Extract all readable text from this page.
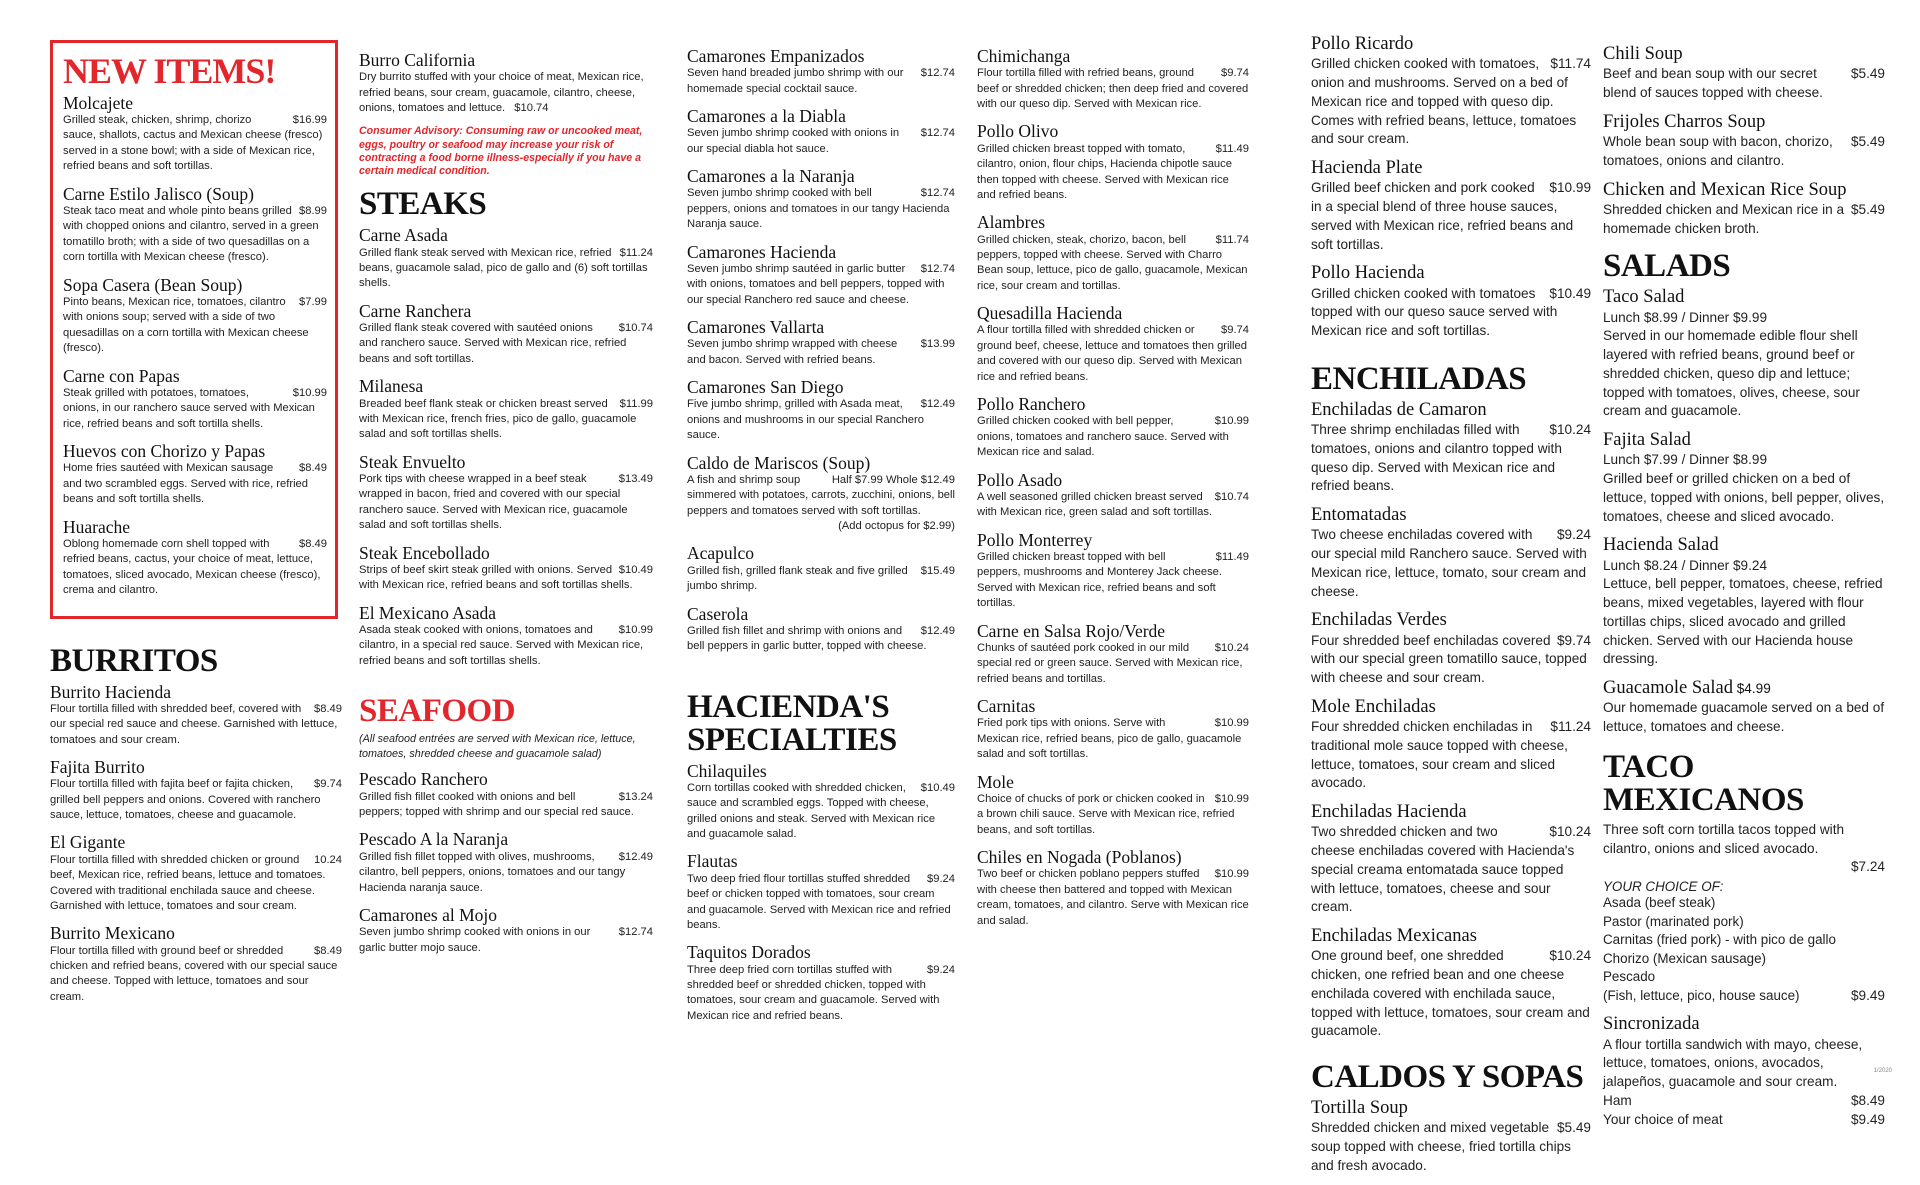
NEW ITEMS!
Molcajete
$16.99
Grilled steak, chicken, shrimp, chorizo sauce, shallots, cactus and Mexican cheese (fresco) served in a stone bowl; with a side of Mexican rice, refried beans and soft tortillas.
Carne Estilo Jalisco (Soup)
$8.99
Steak taco meat and whole pinto beans grilled with chopped onions and cilantro, served in a green tomatillo broth; with a side of two quesadillas on a corn tortilla with Mexican cheese (fresco).
Sopa Casera (Bean Soup)
$7.99
Pinto beans, Mexican rice, tomatoes, cilantro with onions soup; served with a side of two quesadillas on a corn tortilla with Mexican cheese (fresco).
Carne con Papas
$10.99
Steak grilled with potatoes, tomatoes, onions, in our ranchero sauce served with Mexican rice, refried beans and soft tortilla shells.
Huevos con Chorizo y Papas
$8.49
Home fries sautéed with Mexican sausage and two scrambled eggs. Served with rice, refried beans and soft tortilla shells.
Huarache
$8.49
Oblong homemade corn shell topped with refried beans, cactus, your choice of meat, lettuce, tomatoes, sliced avocado, Mexican cheese (fresco), crema and cilantro.
BURRITOS
Burrito Hacienda
$8.49
Flour tortilla filled with shredded beef, covered with our special red sauce and cheese. Garnished with lettuce, tomatoes and sour cream.
Fajita Burrito
$9.74
Flour tortilla filled with fajita beef or fajita chicken, grilled bell peppers and onions. Covered with ranchero sauce, lettuce, tomatoes, cheese and guacamole.
El Gigante
10.24
Flour tortilla filled with shredded chicken or ground beef, Mexican rice, refried beans, lettuce and tomatoes. Covered with traditional enchilada sauce and cheese. Garnished with lettuce, tomatoes and sour cream.
Burrito Mexicano
$8.49
Flour tortilla filled with ground beef or shredded chicken and refried beans, covered with our special sauce and cheese. Topped with lettuce, tomatoes and sour cream.
Burro California
Dry burrito stuffed with your choice of meat, Mexican rice, refried beans, sour cream, guacamole, cilantro, cheese, onions, tomatoes and lettuce. $10.74
Consumer Advisory: Consuming raw or uncooked meat, eggs, poultry or seafood may increase your risk of contracting a food borne illness-especially if you have a certain medical condition.
STEAKS
Carne Asada
$11.24
Grilled flank steak served with Mexican rice, refried beans, guacamole salad, pico de gallo and (6) soft tortillas shells.
Carne Ranchera
$10.74
Grilled flank steak covered with sautéed onions and ranchero sauce. Served with Mexican rice, refried beans and soft tortillas.
Milanesa
$11.99
Breaded beef flank steak or chicken breast served with Mexican rice, french fries, pico de gallo, guacamole salad and soft tortillas shells.
Steak Envuelto
$13.49
Pork tips with cheese wrapped in a beef steak wrapped in bacon, fried and covered with our special ranchero sauce. Served with Mexican rice, guacamole salad and soft tortillas shells.
Steak Encebollado
$10.49
Strips of beef skirt steak grilled with onions. Served with Mexican rice, refried beans and soft tortillas shells.
El Mexicano Asada
$10.99
Asada steak cooked with onions, tomatoes and cilantro, in a special red sauce. Served with Mexican rice, refried beans and soft tortillas shells.
SEAFOOD
(All seafood entrées are served with Mexican rice, lettuce, tomatoes, shredded cheese and guacamole salad)
Pescado Ranchero
$13.24
Grilled fish fillet cooked with onions and bell peppers; topped with shrimp and our special red sauce.
Pescado A la Naranja
$12.49
Grilled fish fillet topped with olives, mushrooms, cilantro, bell peppers, onions, tomatoes and our tangy Hacienda naranja sauce.
Camarones al Mojo
$12.74
Seven jumbo shrimp cooked with onions in our garlic butter mojo sauce.
Camarones Empanizados
$12.74
Seven hand breaded jumbo shrimp with our homemade special cocktail sauce.
Camarones a la Diabla
$12.74
Seven jumbo shrimp cooked with onions in our special diabla hot sauce.
Camarones a la Naranja
$12.74
Seven jumbo shrimp cooked with bell peppers, onions and tomatoes in our tangy Hacienda Naranja sauce.
Camarones Hacienda
$12.74
Seven jumbo shrimp sautéed in garlic butter with onions, tomatoes and bell peppers, topped with our special Ranchero red sauce and cheese.
Camarones Vallarta
$13.99
Seven jumbo shrimp wrapped with cheese and bacon. Served with refried beans.
Camarones San Diego
$12.49
Five jumbo shrimp, grilled with Asada meat, onions and mushrooms in our special Ranchero sauce.
Caldo de Mariscos (Soup)
Half $7.99 Whole $12.49
A fish and shrimp soup simmered with potatoes, carrots, zucchini, onions, bell peppers and tomatoes served with soft tortillas.
(Add octopus for $2.99)
Acapulco
$15.49
Grilled fish, grilled flank steak and five grilled jumbo shrimp.
Caserola
$12.49
Grilled fish fillet and shrimp with onions and bell peppers in garlic butter, topped with cheese.
HACIENDA'S
SPECIALTIES
Chilaquiles
$10.49
Corn tortillas cooked with shredded chicken, sauce and scrambled eggs. Topped with cheese, grilled onions and steak. Served with Mexican rice and guacamole salad.
Flautas
$9.24
Two deep fried flour tortillas stuffed shredded beef or chicken topped with tomatoes, sour cream and guacamole. Served with Mexican rice and refried beans.
Taquitos Dorados
$9.24
Three deep fried corn tortillas stuffed with shredded beef or shredded chicken, topped with tomatoes, sour cream and guacamole. Served with Mexican rice and refried beans.
Chimichanga
$9.74
Flour tortilla filled with refried beans, ground beef or shredded chicken; then deep fried and covered with our queso dip. Served with Mexican rice.
Pollo Olivo
$11.49
Grilled chicken breast topped with tomato, cilantro, onion, flour chips, Hacienda chipotle sauce then topped with cheese. Served with Mexican rice and refried beans.
Alambres
$11.74
Grilled chicken, steak, chorizo, bacon, bell peppers, topped with cheese. Served with Charro Bean soup, lettuce, pico de gallo, guacamole, Mexican rice, sour cream and tortillas.
Quesadilla Hacienda
$9.74
A flour tortilla filled with shredded chicken or ground beef, cheese, lettuce and tomatoes then grilled and covered with our queso dip. Served with Mexican rice and refried beans.
Pollo Ranchero
$10.99
Grilled chicken cooked with bell pepper, onions, tomatoes and ranchero sauce. Served with Mexican rice and salad.
Pollo Asado
$10.74
A well seasoned grilled chicken breast served with Mexican rice, green salad and soft tortillas.
Pollo Monterrey
$11.49
Grilled chicken breast topped with bell peppers, mushrooms and Monterey Jack cheese. Served with Mexican rice, refried beans and soft tortillas.
Carne en Salsa Rojo/Verde
$10.24
Chunks of sautéed pork cooked in our mild special red or green sauce. Served with Mexican rice, refried beans and tortillas.
Carnitas
$10.99
Fried pork tips with onions. Serve with Mexican rice, refried beans, pico de gallo, guacamole salad and soft tortillas.
Mole
$10.99
Choice of chucks of pork or chicken cooked in a brown chili sauce. Serve with Mexican rice, refried beans, and soft tortillas.
Chiles en Nogada (Poblanos)
$10.99
Two beef or chicken poblano peppers stuffed with cheese then battered and topped with Mexican cream, tomatoes, and cilantro. Serve with Mexican rice and salad.
Pollo Ricardo
$11.74
Grilled chicken cooked with tomatoes, onion and mushrooms. Served on a bed of Mexican rice and topped with queso dip. Comes with refried beans, lettuce, tomatoes and sour cream.
Hacienda Plate
$10.99
Grilled beef chicken and pork cooked in a special blend of three house sauces, served with Mexican rice, refried beans and soft tortillas.
Pollo Hacienda
$10.49
Grilled chicken cooked with tomatoes topped with our queso sauce served with Mexican rice and soft tortillas.
ENCHILADAS
Enchiladas de Camaron
$10.24
Three shrimp enchiladas filled with tomatoes, onions and cilantro topped with queso dip. Served with Mexican rice and refried beans.
Entomatadas
$9.24
Two cheese enchiladas covered with our special mild Ranchero sauce. Served with Mexican rice, lettuce, tomato, sour cream and cheese.
Enchiladas Verdes
$9.74
Four shredded beef enchiladas covered with our special green tomatillo sauce, topped with cheese and sour cream.
Mole Enchiladas
$11.24
Four shredded chicken enchiladas in traditional mole sauce topped with cheese, lettuce, tomatoes, sour cream and sliced avocado.
Enchiladas Hacienda
$10.24
Two shredded chicken and two cheese enchiladas covered with Hacienda's special creama entomatada sauce topped with lettuce, tomatoes, cheese and sour cream.
Enchiladas Mexicanas
$10.24
One ground beef, one shredded chicken, one refried bean and one cheese enchilada covered with enchilada sauce, topped with lettuce, tomatoes, sour cream and guacamole.
CALDOS Y SOPAS
Tortilla Soup
$5.49
Shredded chicken and mixed vegetable soup topped with cheese, fried tortilla chips and fresh avocado.
Chili Soup
$5.49
Beef and bean soup with our secret blend of sauces topped with cheese.
Frijoles Charros Soup
$5.49
Whole bean soup with bacon, chorizo, tomatoes, onions and cilantro.
Chicken and Mexican Rice Soup
$5.49
Shredded chicken and Mexican rice in a homemade chicken broth.
SALADS
Taco Salad
Lunch $8.99 / Dinner $9.99
Served in our homemade edible flour shell layered with refried beans, ground beef or shredded chicken, queso dip and lettuce; topped with tomatoes, olives, cheese, sour cream and guacamole.
Fajita Salad
Lunch $7.99 / Dinner $8.99
Grilled beef or grilled chicken on a bed of lettuce, topped with onions, bell pepper, olives, tomatoes, cheese and sliced avocado.
Hacienda Salad
Lunch $8.24 / Dinner $9.24
Lettuce, bell pepper, tomatoes, cheese, refried beans, mixed vegetables, layered with flour tortillas chips, sliced avocado and grilled chicken. Served with our Hacienda house dressing.
Guacamole Salad $4.99
Our homemade guacamole served on a bed of lettuce, tomatoes and cheese.
TACO MEXICANOS
Three soft corn tortilla tacos topped with cilantro, onions and sliced avocado.
$7.24
YOUR CHOICE OF:
Asada (beef steak)
Pastor (marinated pork)
Carnitas (fried pork) - with pico de gallo
Chorizo (Mexican sausage)
Pescado
$9.49
(Fish, lettuce, pico, house sauce)
Sincronizada
A flour tortilla sandwich with mayo, cheese, lettuce, tomatoes, onions, avocados, jalapeños, guacamole and sour cream.
$8.49
Ham
$9.49
Your choice of meat
1/2020
